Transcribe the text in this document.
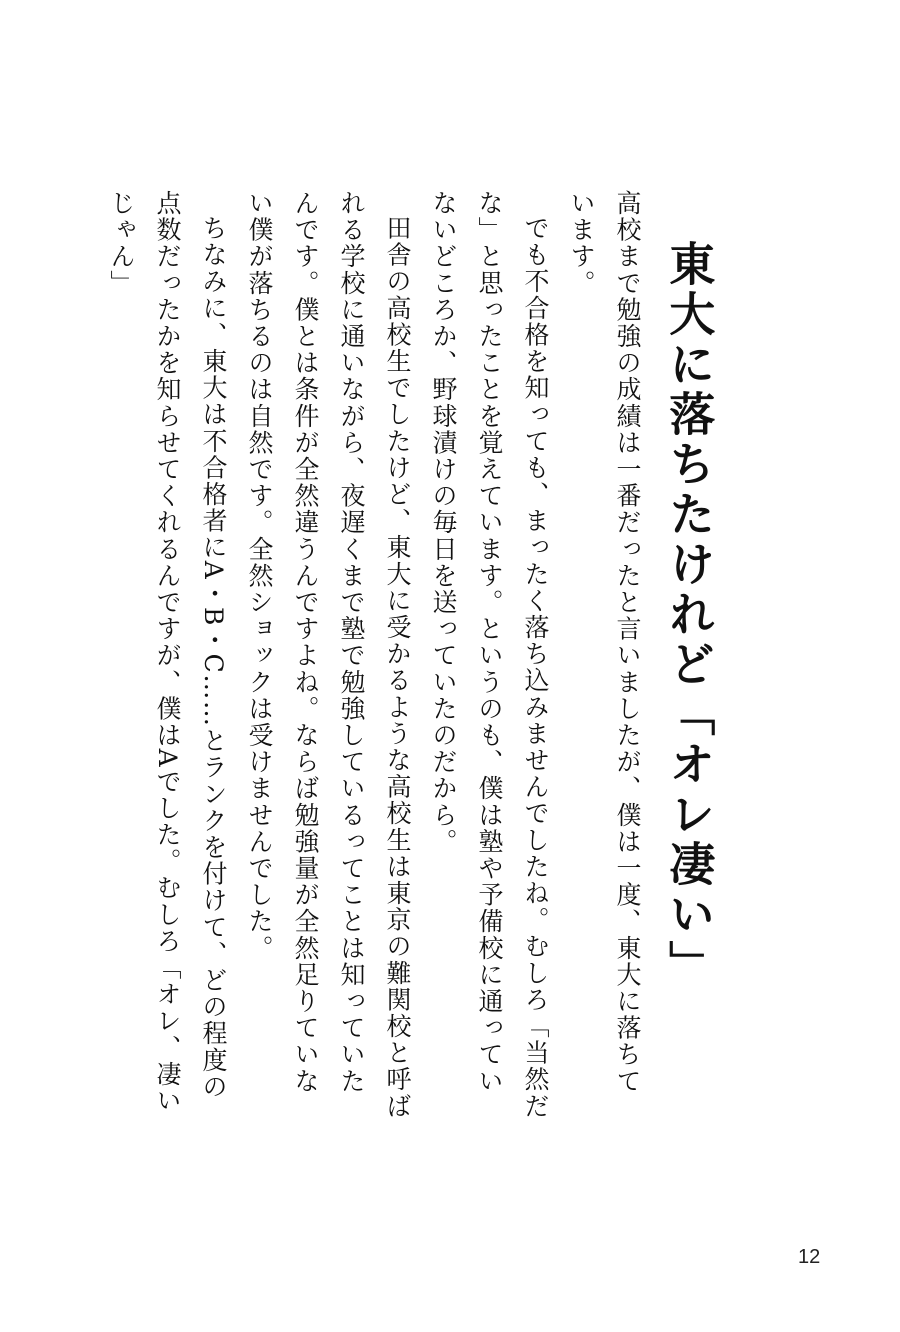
東大に落ちたけれど「オレ凄い」

高校まで勉強の成績は一番だったと言いましたが、僕は一度、東大に落ちています。

でも不合格を知っても、まったく落ち込みませんでしたね。むしろ「当然だな」と思ったことを覚えています。というのも、僕は塾や予備校に通っていないどころか、野球漬けの毎日を送っていたのだから。

田舎の高校生でしたけど、東大に受かるような高校生は東京の難関校と呼ばれる学校に通いながら、夜遅くまで塾で勉強しているってことは知っていたんです。僕とは条件が全然違うんですよね。ならば勉強量が全然足りていない僕が落ちるのは自然です。全然ショックは受けませんでした。

ちなみに、東大は不合格者にA・B・C……とランクを付けて、どの程度の点数だったかを知らせてくれるんですが、僕はAでした。むしろ「オレ、凄いじゃん」

12
